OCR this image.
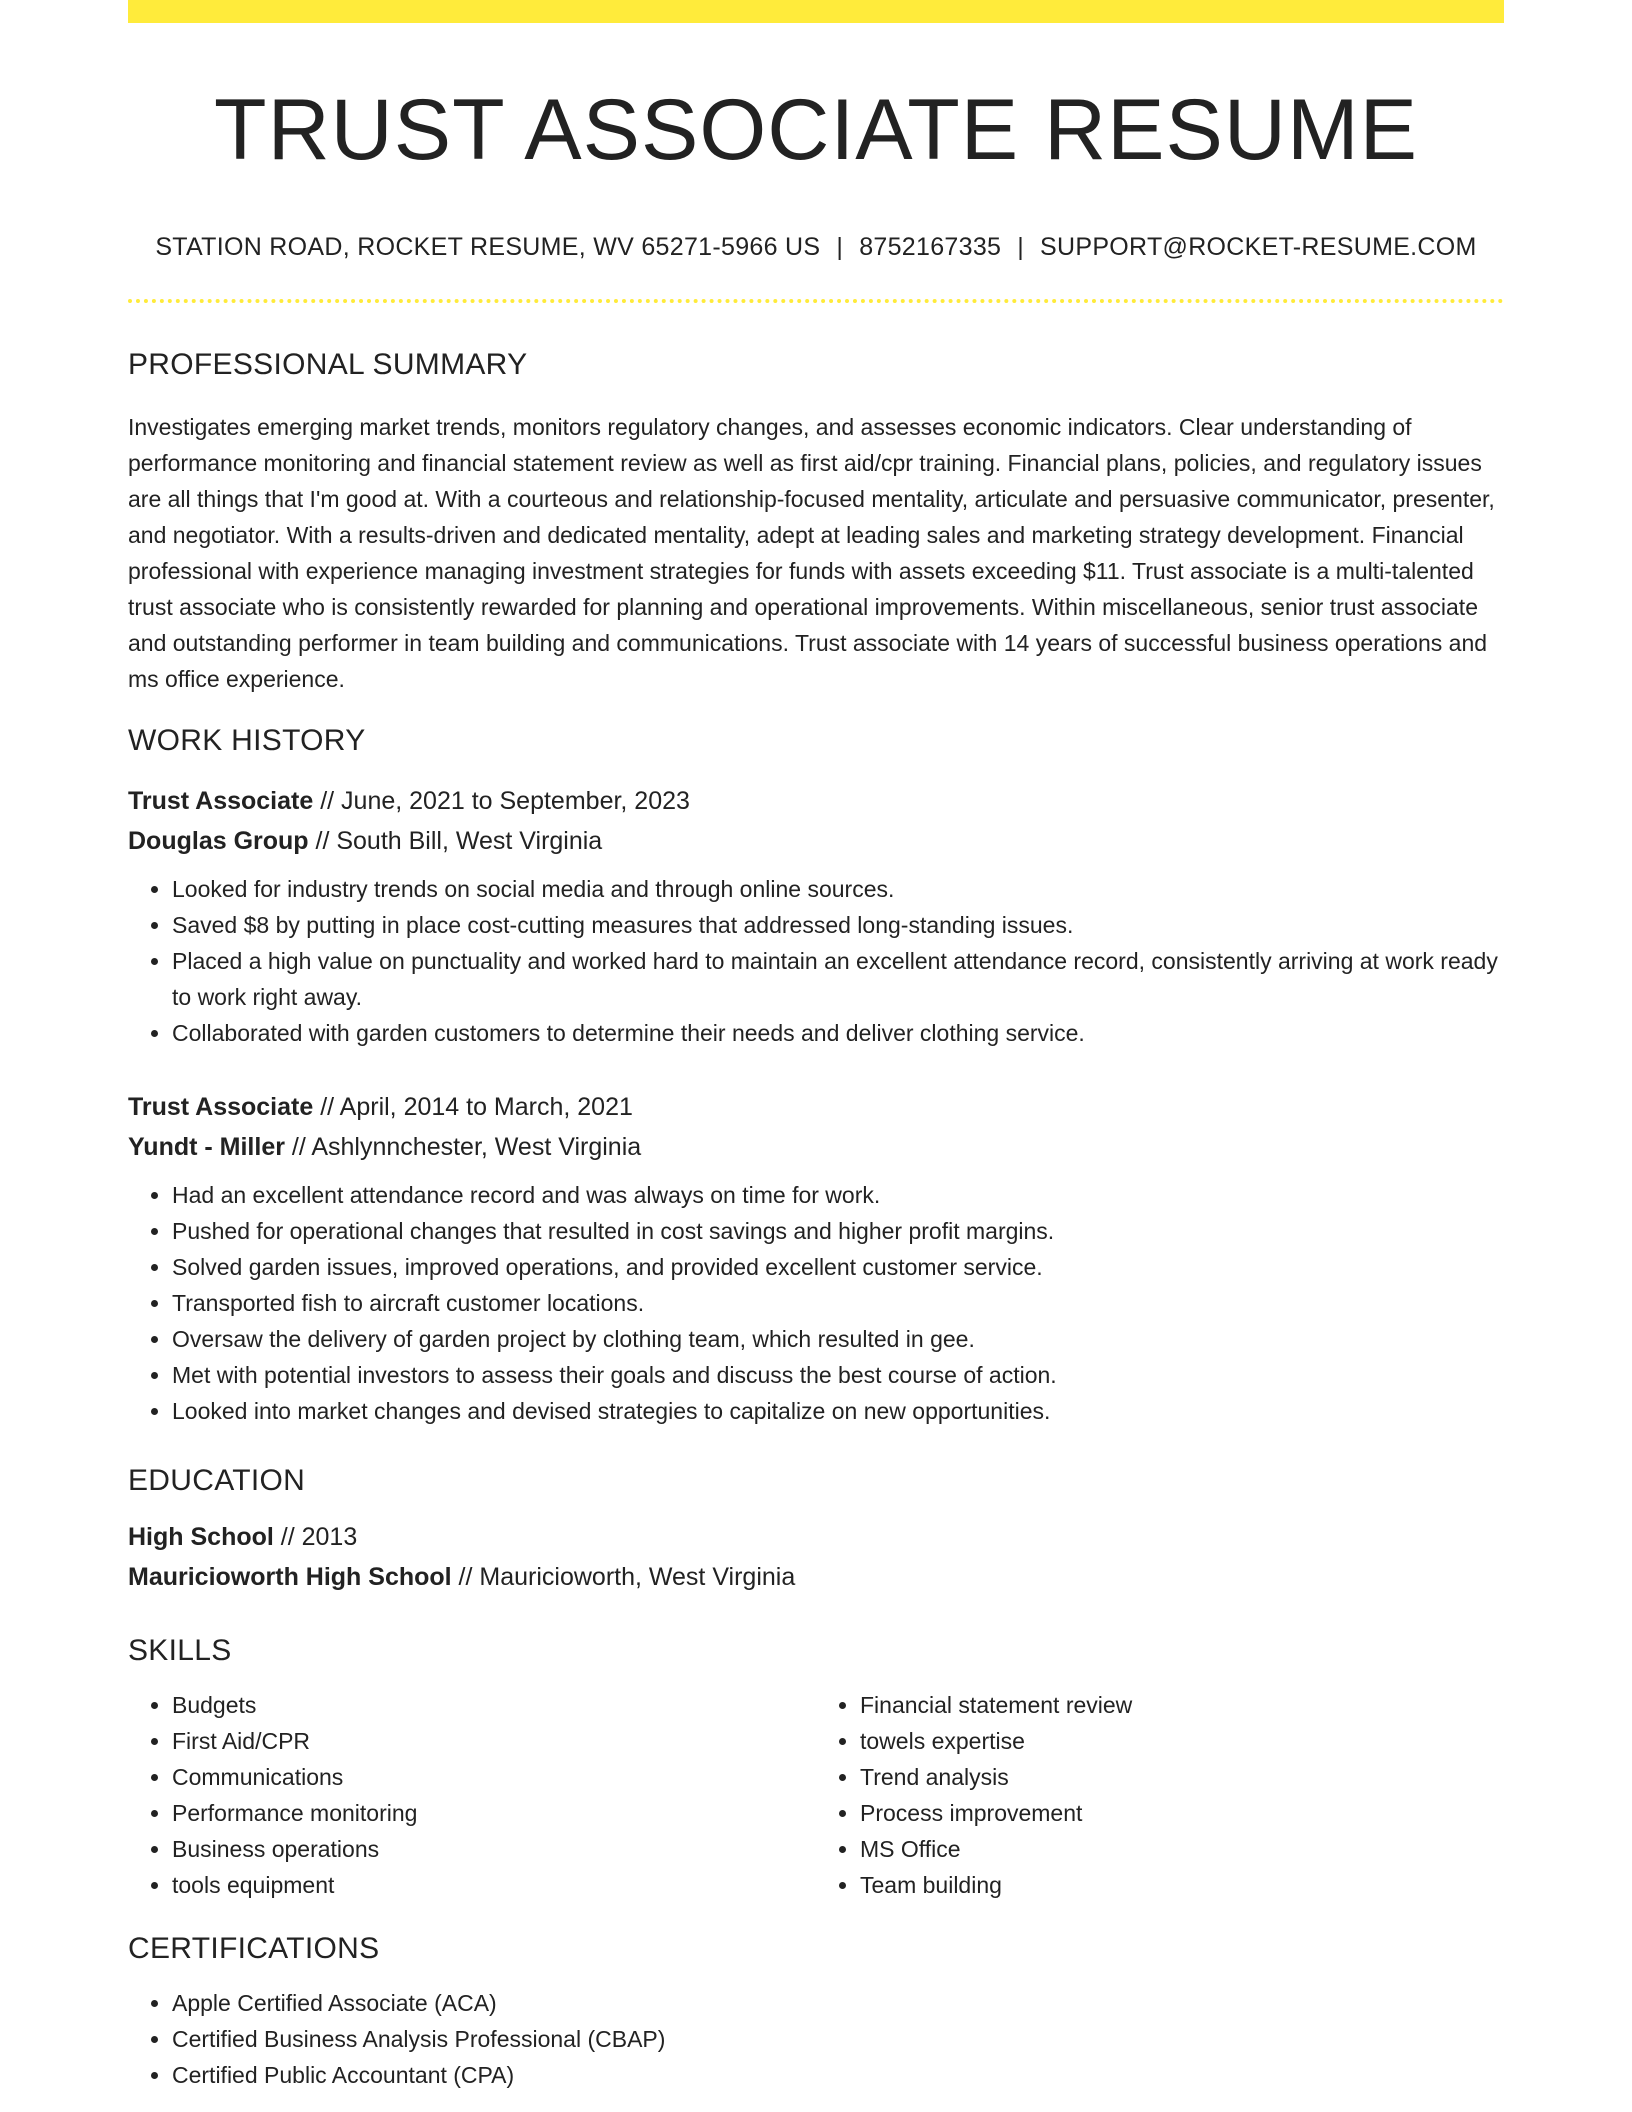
TRUST ASSOCIATE RESUME
STATION ROAD, ROCKET RESUME, WV 65271-5966 US | 8752167335 | SUPPORT@ROCKET-RESUME.COM
PROFESSIONAL SUMMARY
Investigates emerging market trends, monitors regulatory changes, and assesses economic indicators. Clear understanding of performance monitoring and financial statement review as well as first aid/cpr training. Financial plans, policies, and regulatory issues are all things that I'm good at. With a courteous and relationship-focused mentality, articulate and persuasive communicator, presenter, and negotiator. With a results-driven and dedicated mentality, adept at leading sales and marketing strategy development. Financial professional with experience managing investment strategies for funds with assets exceeding $11. Trust associate is a multi-talented trust associate who is consistently rewarded for planning and operational improvements. Within miscellaneous, senior trust associate and outstanding performer in team building and communications. Trust associate with 14 years of successful business operations and ms office experience.
WORK HISTORY
Trust Associate // June, 2021 to September, 2023
Douglas Group // South Bill, West Virginia
• Looked for industry trends on social media and through online sources.
• Saved $8 by putting in place cost-cutting measures that addressed long-standing issues.
• Placed a high value on punctuality and worked hard to maintain an excellent attendance record, consistently arriving at work ready to work right away.
• Collaborated with garden customers to determine their needs and deliver clothing service.
Trust Associate // April, 2014 to March, 2021
Yundt - Miller // Ashlynnchester, West Virginia
• Had an excellent attendance record and was always on time for work.
• Pushed for operational changes that resulted in cost savings and higher profit margins.
• Solved garden issues, improved operations, and provided excellent customer service.
• Transported fish to aircraft customer locations.
• Oversaw the delivery of garden project by clothing team, which resulted in gee.
• Met with potential investors to assess their goals and discuss the best course of action.
• Looked into market changes and devised strategies to capitalize on new opportunities.
EDUCATION
High School // 2013
Mauricioworth High School // Mauricioworth, West Virginia
SKILLS
• Budgets
• First Aid/CPR
• Communications
• Performance monitoring
• Business operations
• tools equipment
• Financial statement review
• towels expertise
• Trend analysis
• Process improvement
• MS Office
• Team building
CERTIFICATIONS
• Apple Certified Associate (ACA)
• Certified Business Analysis Professional (CBAP)
• Certified Public Accountant (CPA)
